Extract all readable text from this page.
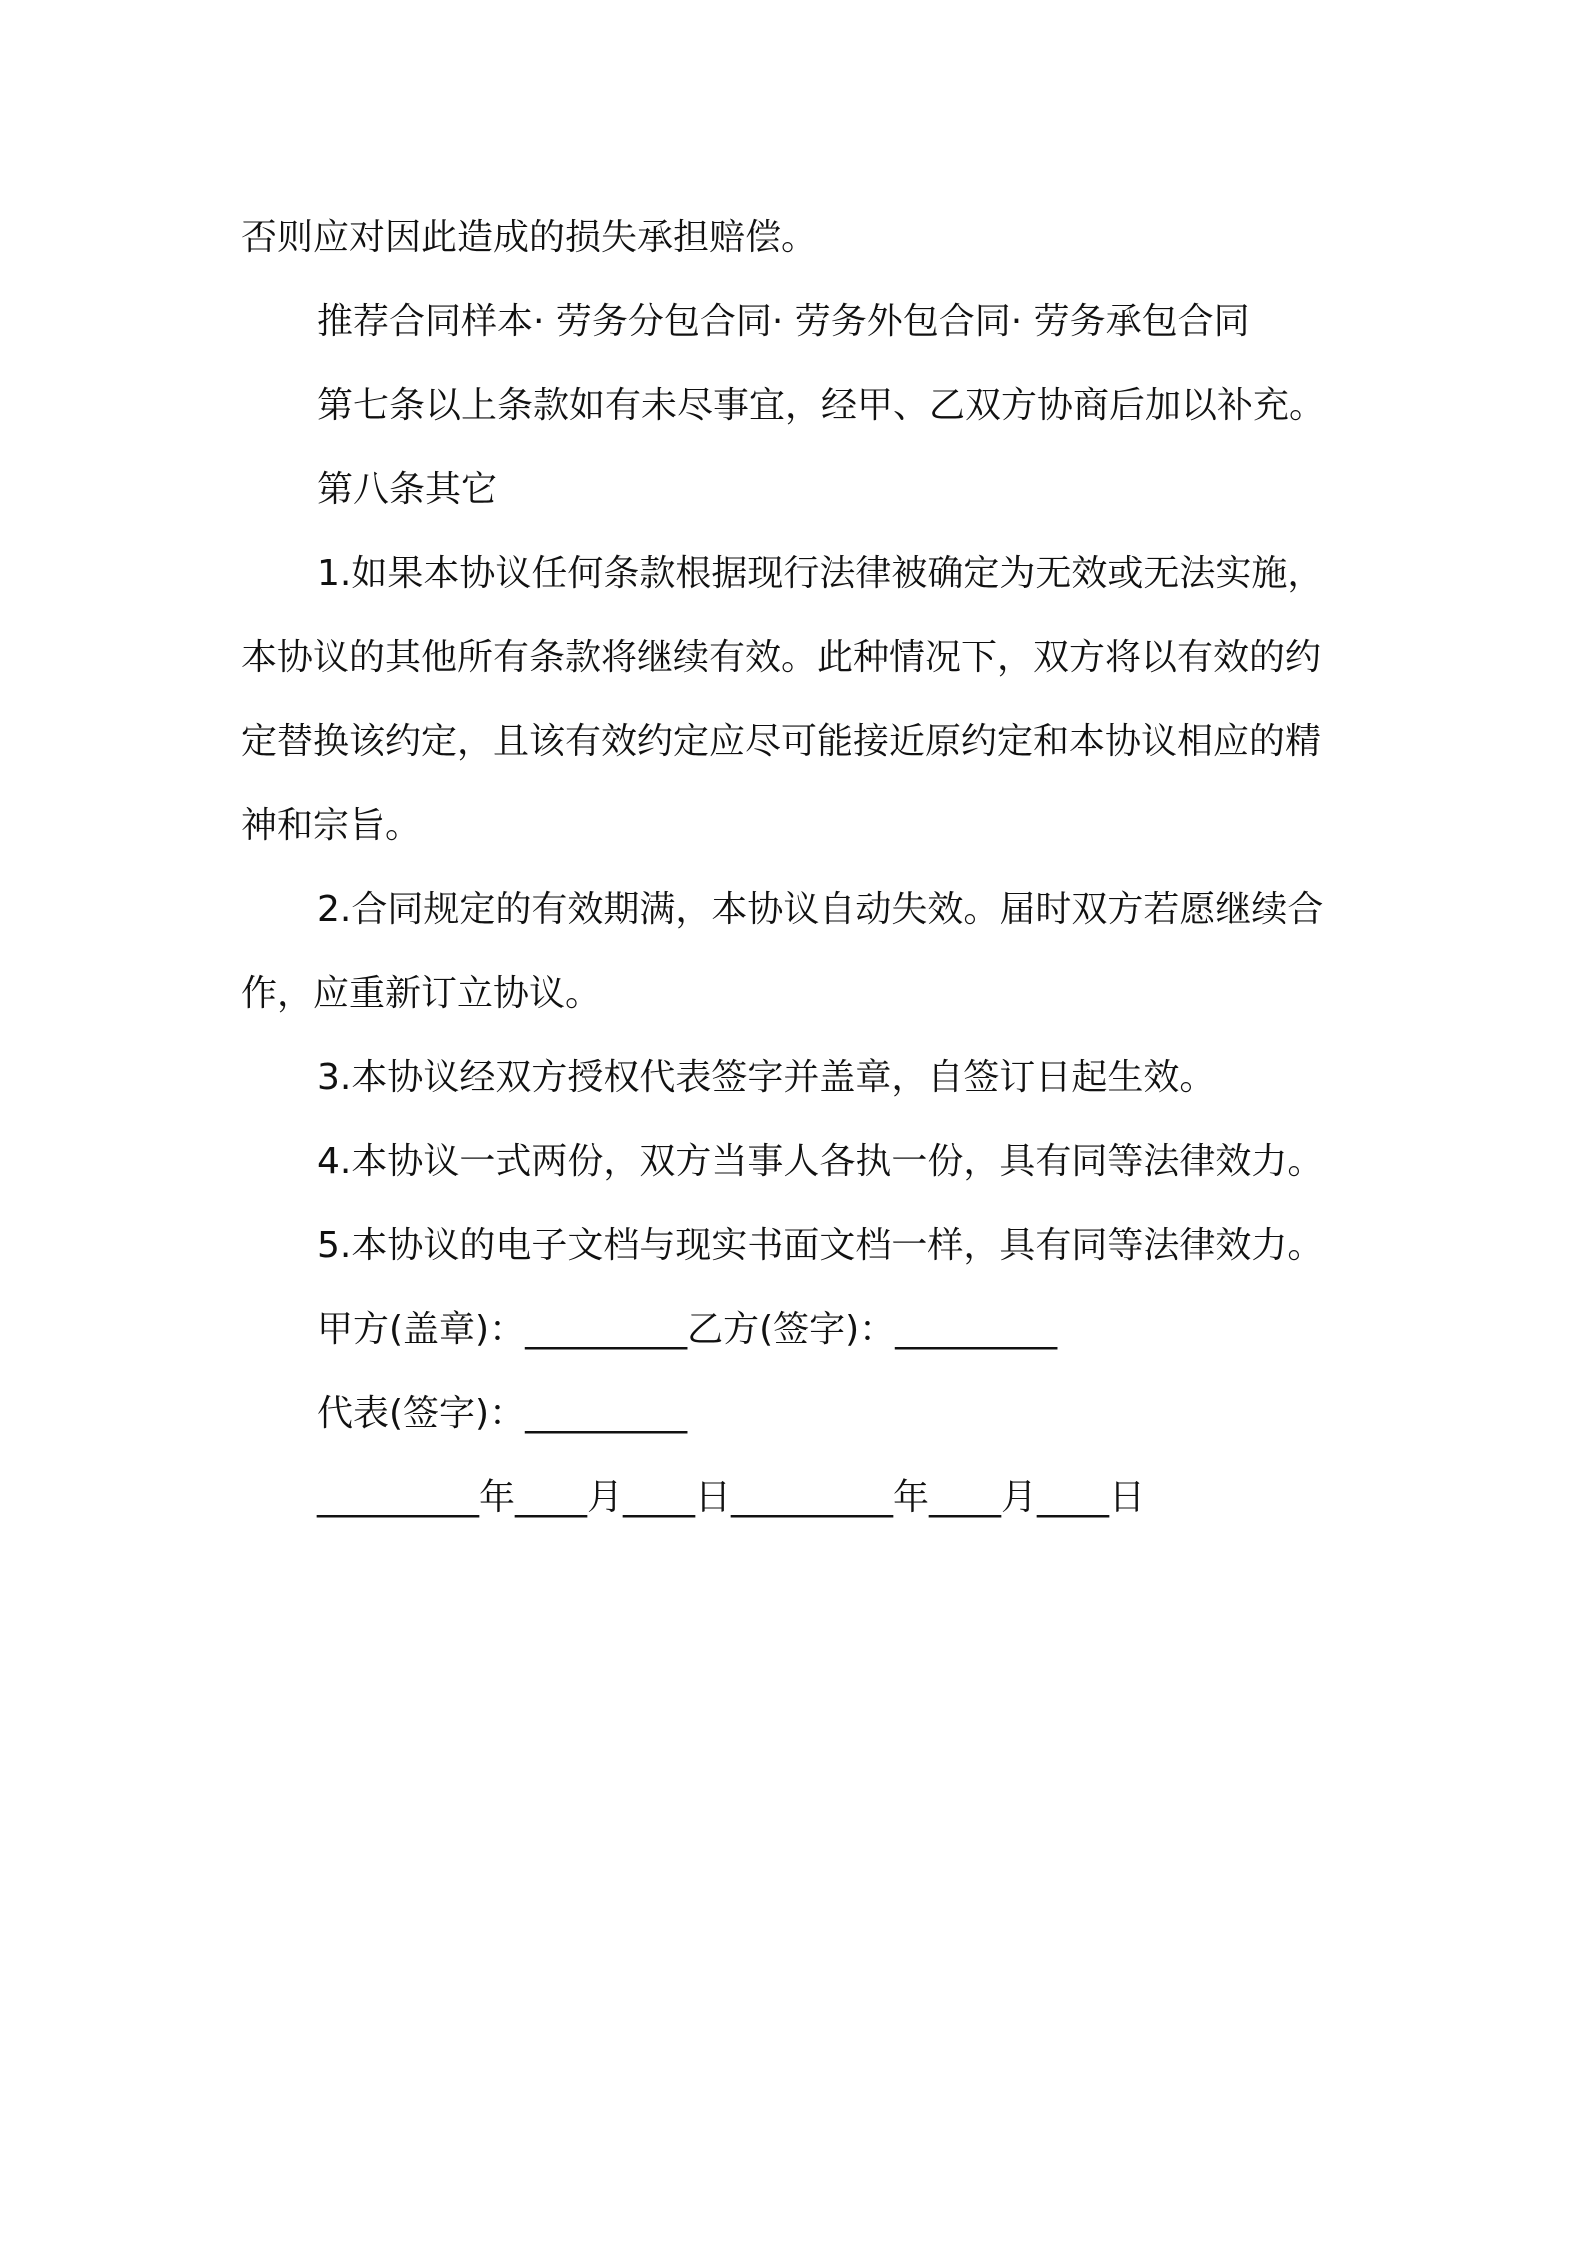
否则应对因此造成的损失承担赔偿。
推荐合同样本· 劳务分包合同· 劳务外包合同· 劳务承包合同
第七条以上条款如有未尽事宜，经甲、乙双方协商后加以补充。
第八条其它
1.如果本协议任何条款根据现行法律被确定为无效或无法实施，
本协议的其他所有条款将继续有效。此种情况下，双方将以有效的约
定替换该约定，且该有效约定应尽可能接近原约定和本协议相应的精
神和宗旨。
2.合同规定的有效期满，本协议自动失效。届时双方若愿继续合
作，应重新订立协议。
3.本协议经双方授权代表签字并盖章，自签订日起生效。
4.本协议一式两份，双方当事人各执一份，具有同等法律效力。
5.本协议的电子文档与现实书面文档一样，具有同等法律效力。
甲方(盖章)：_________乙方(签字)：_________
代表(签字)：_________
_________年____月____日_________年____月____日
